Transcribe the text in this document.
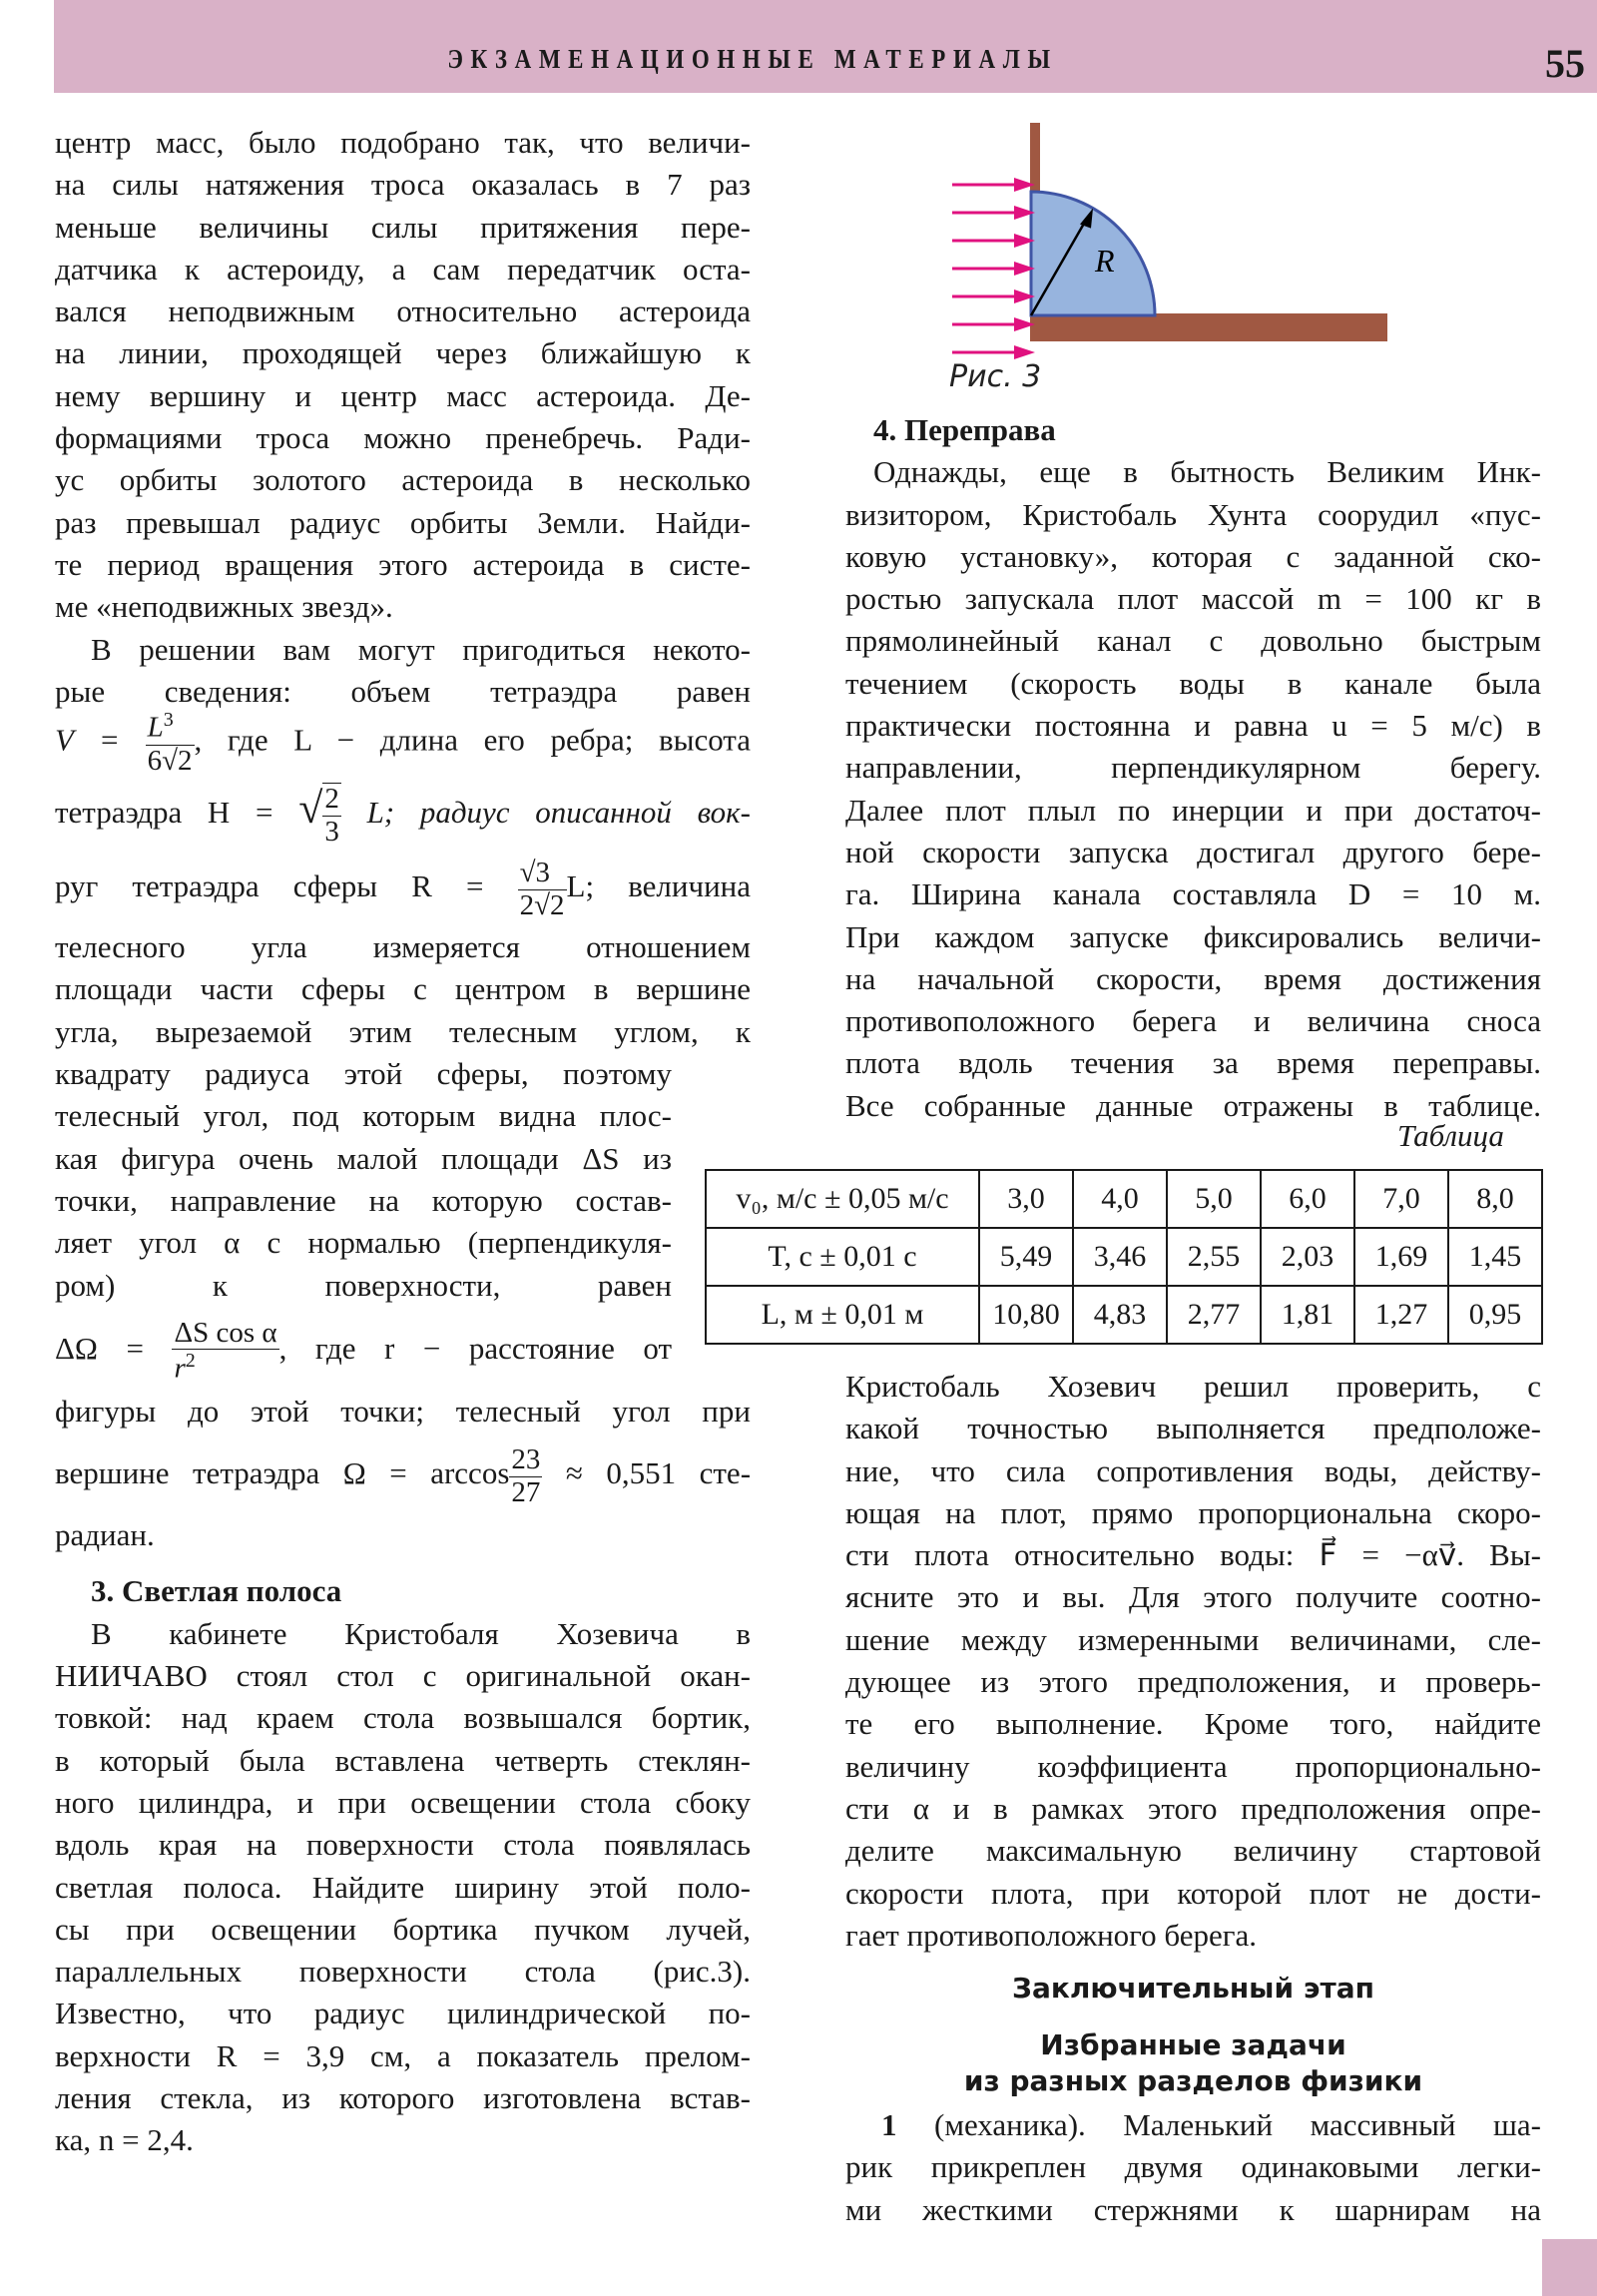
ЭКЗАМЕНАЦИОННЫЕ МАТЕРИАЛЫ	55
центр масс, было подобрано так, что величи-
на силы натяжения троса оказалась в 7 раз
меньше величины силы притяжения пере-
датчика к астероиду, а сам передатчик оста-
вался неподвижным относительно астероида
на линии, проходящей через ближайшую к
нему вершину и центр масс астероида. Де-
формациями троса можно пренебречь. Ради-
ус орбиты золотого астероида в несколько
раз превышал радиус орбиты Земли. Найди-
те период вращения этого астероида в систе-
ме «неподвижных звезд».
В решении вам могут пригодиться некото-
рые сведения: объем тетраэдра равен
$V = \frac{L^3}{6√2}$ , где L − длина его ребра; высота
тетраэдра H = √ $\frac{2}{3} L$; радиус описанной вок-
руг тетраэдра сферы $R = \frac{√3}{2√2} L$; величина
телесного угла измеряется отношением
площади части сферы с центром в вершине
угла, вырезаемой этим телесным углом, к
квадрату радиуса этой сферы, поэтому
телесный угол, под которым видна плос-
кая фигура очень малой площади ΔS из
точки, направление на которую состав-
ляет угол α с нормалью (перпендикуля-
ром) к поверхности, равен
$\Delta\Omega = \frac{\text{ΔS cos α}}{r^2}$ , где r − расстояние от
фигуры до этой точки; телесный угол при
вершине тетраэдра $\Omega = \arccos \frac{23}{27} \approx 0,551$ сте-
радиан.
3. Светлая полоса
В кабинете Кристобаля Хозевича в
НИИЧАВО стоял стол с оригинальной окан-
товкой: над краем стола возвышался бортик,
в который была вставлена четверть стеклян-
ного цилиндра, и при освещении стола сбоку
вдоль края на поверхности стола появлялась
светлая полоса. Найдите ширину этой поло-
сы при освещении бортика пучком лучей,
параллельных поверхности стола (рис.3).
Известно, что радиус цилиндрической по-
верхности R = 3,9 см, а показатель прелом-
ления стекла, из которого изготовлена встав-
ка, n = 2,4.
R
Рис. 3
4. Переправа
Однажды, еще в бытность Великим Инк-
визитором, Кристобаль Хунта соорудил «пус-
ковую установку», которая с заданной ско-
ростью запускала плот массой m = 100 кг в
прямолинейный канал с довольно быстрым
течением (скорость воды в канале была
практически постоянна и равна u = 5 м/с) в
направлении, перпендикулярном берегу.
Далее плот плыл по инерции и при достаточ-
ной скорости запуска достигал другого бере-
га. Ширина канала составляла D = 10 м.
При каждом запуске фиксировались величи-
на начальной скорости, время достижения
противоположного берега и величина сноса
плота вдоль течения за время переправы.
Все собранные данные отражены в таблице.
Таблица
v₀, м/с ± 0,05 м/с	3,0	4,0	5,0	6,0	7,0	8,0
T, с ± 0,01 с	5,49	3,46	2,55	2,03	1,69	1,45
L, м ± 0,01 м	10,80	4,83	2,77	1,81	1,27	0,95
Кристобаль Хозевич решил проверить, с
какой точностью выполняется предположе-
ние, что сила сопротивления воды, действу-
ющая на плот, прямо пропорциональна скоро-
сти плота относительно воды: F⃗ = −αv⃗. Вы-
ясните это и вы. Для этого получите соотно-
шение между измеренными величинами, сле-
дующее из этого предположения, и проверь-
те его выполнение. Кроме того, найдите
величину коэффициента пропорционально-
сти α и в рамках этого предположения опре-
делите максимальную величину стартовой
скорости плота, при которой плот не дости-
гает противоположного берега.
Заключительный этап
Избранные задачи
из разных разделов физики
1 (механика). Маленький массивный ша-
рик прикреплен двумя одинаковыми легки-
ми жесткими стержнями к шарнирам на
